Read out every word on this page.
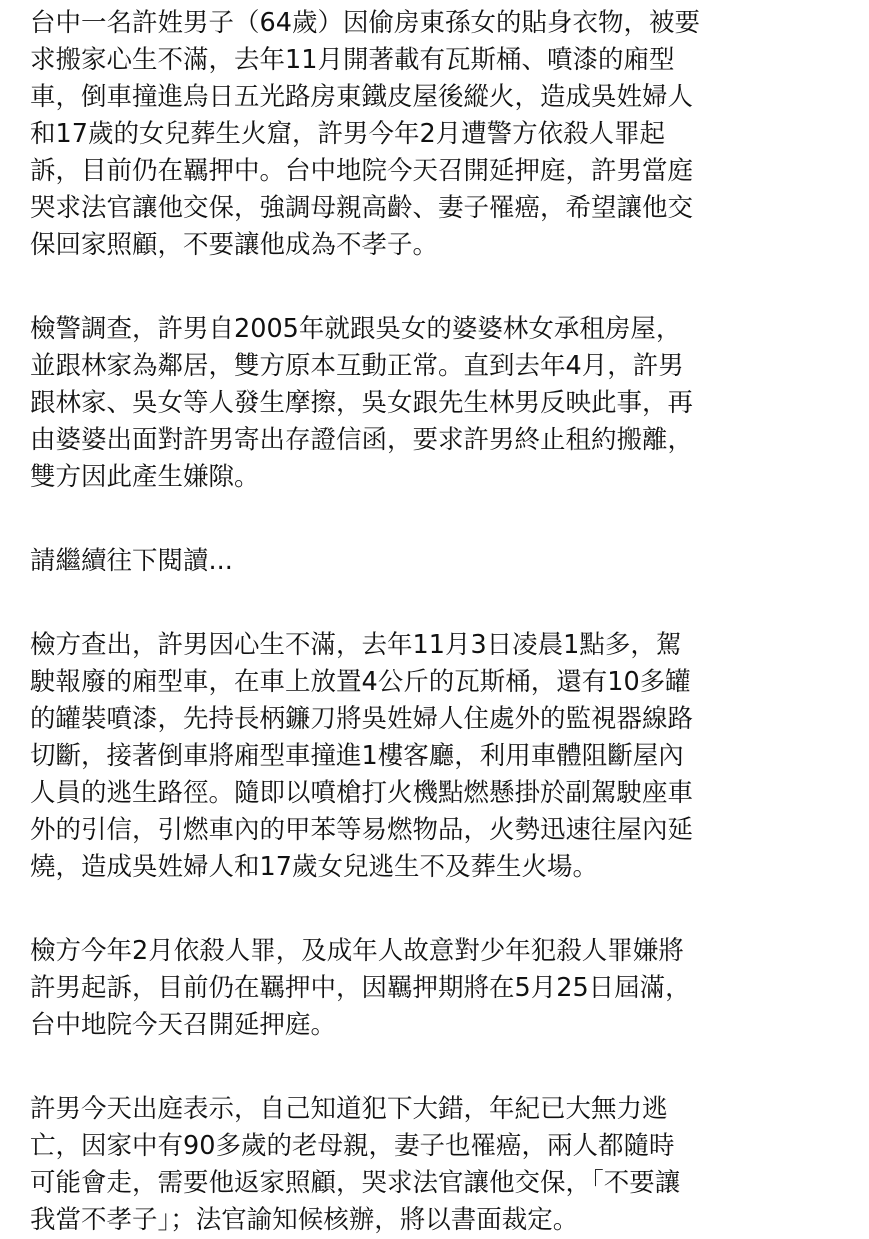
台中一名許姓男子（64歲）因偷房東孫女的貼身衣物，被要
求搬家心生不滿，去年11月開著載有瓦斯桶、噴漆的廂型
車，倒車撞進烏日五光路房東鐵皮屋後縱火，造成吳姓婦人
和17歲的女兒葬生火窟，許男今年2月遭警方依殺人罪起
訴，目前仍在羈押中。台中地院今天召開延押庭，許男當庭
哭求法官讓他交保，強調母親高齡、妻子罹癌，希望讓他交
保回家照顧，不要讓他成為不孝子。
檢警調查，許男自2005年就跟吳女的婆婆林女承租房屋，
並跟林家為鄰居，雙方原本互動正常。直到去年4月，許男
跟林家、吳女等人發生摩擦，吳女跟先生林男反映此事，再
由婆婆出面對許男寄出存證信函，要求許男終止租約搬離，
雙方因此產生嫌隙。
請繼續往下閱讀...
檢方查出，許男因心生不滿，去年11月3日凌晨1點多，駕
駛報廢的廂型車，在車上放置4公斤的瓦斯桶，還有10多罐
的罐裝噴漆，先持長柄鐮刀將吳姓婦人住處外的監視器線路
切斷，接著倒車將廂型車撞進1樓客廳，利用車體阻斷屋內
人員的逃生路徑。隨即以噴槍打火機點燃懸掛於副駕駛座車
外的引信，引燃車內的甲苯等易燃物品，火勢迅速往屋內延
燒，造成吳姓婦人和17歲女兒逃生不及葬生火場。
檢方今年2月依殺人罪，及成年人故意對少年犯殺人罪嫌將
許男起訴，目前仍在羈押中，因羈押期將在5月25日屆滿，
台中地院今天召開延押庭。
許男今天出庭表示，自己知道犯下大錯，年紀已大無力逃
亡，因家中有90多歲的老母親，妻子也罹癌，兩人都隨時
可能會走，需要他返家照顧，哭求法官讓他交保，「不要讓
我當不孝子」；法官諭知候核辦，將以書面裁定。
